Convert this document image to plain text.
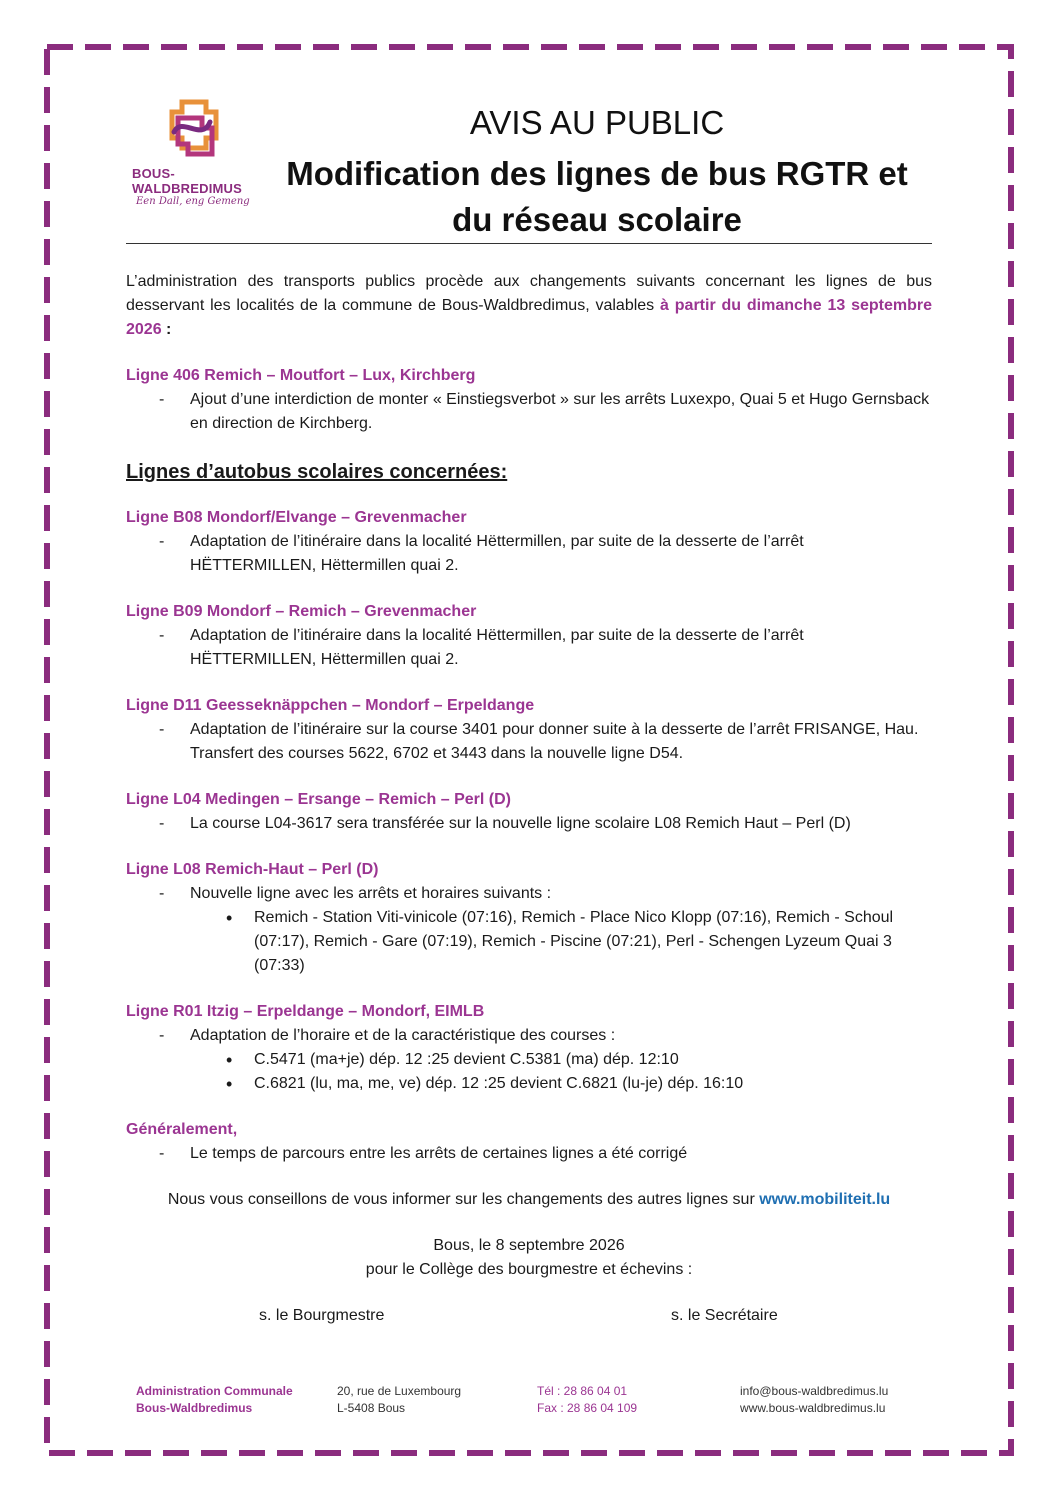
BOUS-
WALDBREDIMUS
Een Dall, eng Gemeng
AVIS AU PUBLIC
Modification des lignes de bus RGTR et
du réseau scolaire

L’administration des transports publics procède aux changements suivants concernant les lignes de bus desservant les localités de la commune de Bous-Waldbredimus, valables à partir du dimanche 13 septembre 2026 :

Ligne 406 Remich – Moutfort – Lux, Kirchberg

- Ajout d’une interdiction de monter « Einstiegsverbot » sur les arrêts Luxexpo, Quai 5 et Hugo Gernsback en direction de Kirchberg.

Lignes d’autobus scolaires concernées:

Ligne B08 Mondorf/Elvange – Grevenmacher

- Adaptation de l’itinéraire dans la localité Hëttermillen, par suite de la desserte de l’arrêt HËTTERMILLEN, Hëttermillen quai 2.

Ligne B09 Mondorf – Remich – Grevenmacher

- Adaptation de l’itinéraire dans la localité Hëttermillen, par suite de la desserte de l’arrêt HËTTERMILLEN, Hëttermillen quai 2.

Ligne D11 Geesseknäppchen – Mondorf – Erpeldange

- Adaptation de l’itinéraire sur la course 3401 pour donner suite à la desserte de l’arrêt FRISANGE, Hau. Transfert des courses 5622, 6702 et 3443 dans la nouvelle ligne D54.

Ligne L04 Medingen – Ersange – Remich – Perl (D)

- La course L04-3617 sera transférée sur la nouvelle ligne scolaire L08 Remich Haut – Perl (D)

Ligne L08 Remich-Haut – Perl (D)

- Nouvelle ligne avec les arrêts et horaires suivants :

• Remich - Station Viti-vinicole (07:16), Remich - Place Nico Klopp (07:16), Remich - Schoul (07:17), Remich - Gare (07:19), Remich - Piscine (07:21), Perl - Schengen Lyzeum Quai 3 (07:33)

Ligne R01 Itzig – Erpeldange – Mondorf, EIMLB

- Adaptation de l’horaire et de la caractéristique des courses :

• C.5471 (ma+je) dép. 12 :25 devient C.5381 (ma) dép. 12:10

• C.6821 (lu, ma, me, ve) dép. 12 :25 devient C.6821 (lu-je) dép. 16:10

Généralement,

- Le temps de parcours entre les arrêts de certaines lignes a été corrigé

Nous vous conseillons de vous informer sur les changements des autres lignes sur www.mobiliteit.lu

Bous, le 8 septembre 2026
pour le Collège des bourgmestre et échevins :
s. le Bourgmestre	s. le Secrétaire
Administration Communale
Bous-Waldbredimus
20, rue de Luxembourg
L-5408 Bous
Tél : 28 86 04 01
Fax : 28 86 04 109
info@bous-waldbredimus.lu
www.bous-waldbredimus.lu
